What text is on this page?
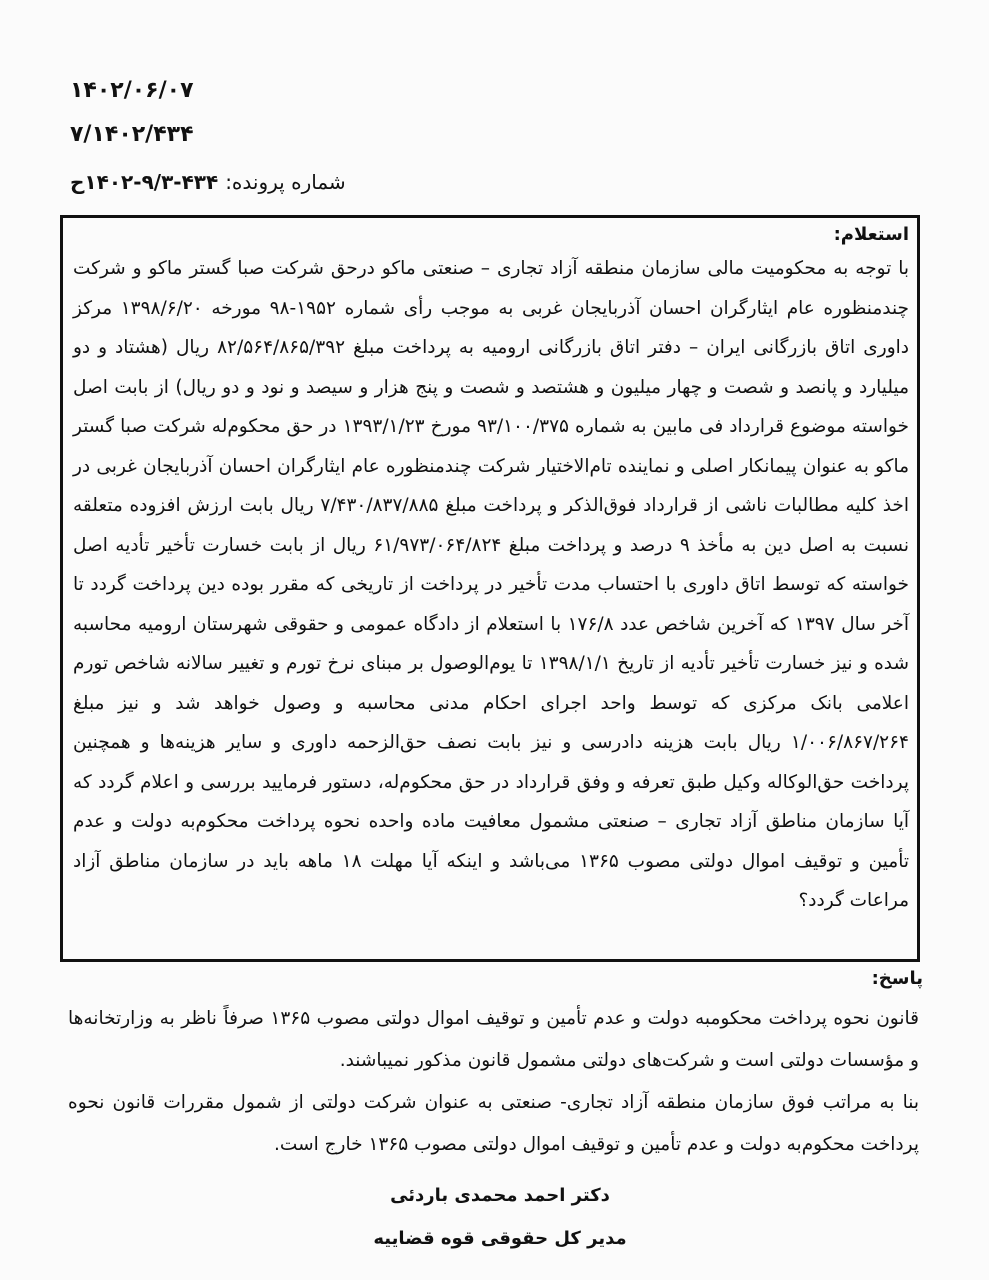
۱۴۰۲/۰۶/۰۷
۷/۱۴۰۲/۴۳۴
شماره پرونده: ۴۳۴-۹/۳-۱۴۰۲ح
استعلام:
با توجه به محکومیت مالی سازمان منطقه آزاد تجاری – صنعتی ماکو درحق شرکت صبا گستر ماکو و شرکت چندمنظوره عام ایثارگران احسان آذربایجان غربی به موجب رأی شماره ۱۹۵۲-۹۸ مورخه ۱۳۹۸/۶/۲۰ مرکز داوری اتاق بازرگانی ایران – دفتر اتاق بازرگانی ارومیه به پرداخت مبلغ ۸۲/۵۶۴/۸۶۵/۳۹۲ ریال (هشتاد و دو میلیارد و پانصد و شصت و چهار میلیون و هشتصد و شصت و پنج هزار و سیصد و نود و دو ریال) از بابت اصل خواسته موضوع قرارداد فی مابین به شماره ۹۳/۱۰۰/۳۷۵ مورخ ۱۳۹۳/۱/۲۳ در حق محکوم‌له شرکت صبا گستر ماکو به عنوان پیمانکار اصلی و نماینده تام‌الاختیار شرکت چندمنظوره عام ایثارگران احسان آذربایجان غربی در اخذ کلیه مطالبات ناشی از قرارداد فوق‌الذکر و پرداخت مبلغ ۷/۴۳۰/۸۳۷/۸۸۵ ریال بابت ارزش افزوده متعلقه نسبت به اصل دین به مأخذ ۹ درصد و پرداخت مبلغ ۶۱/۹۷۳/۰۶۴/۸۲۴ ریال از بابت خسارت تأخیر تأدیه اصل خواسته که توسط اتاق داوری با احتساب مدت تأخیر در پرداخت از تاریخی که مقرر بوده دین پرداخت گردد تا آخر سال ۱۳۹۷ که آخرین شاخص عدد ۱۷۶/۸ با استعلام از دادگاه عمومی و حقوقی شهرستان ارومیه محاسبه شده و نیز خسارت تأخیر تأدیه از تاریخ ۱۳۹۸/۱/۱ تا یوم‌الوصول بر مبنای نرخ تورم و تغییر سالانه شاخص تورم اعلامی بانک مرکزی که توسط واحد اجرای احکام مدنی محاسبه و وصول خواهد شد و نیز مبلغ ۱/۰۰۶/۸۶۷/۲۶۴ ریال بابت هزینه دادرسی و نیز بابت نصف حق‌الزحمه داوری و سایر هزینه‌ها و همچنین پرداخت حق‌الوکاله وکیل طبق تعرفه و وفق قرارداد در حق محکوم‌له، دستور فرمایید بررسی و اعلام گردد که آیا سازمان مناطق آزاد تجاری – صنعتی مشمول معافیت ماده واحده نحوه پرداخت محکوم‌به دولت و عدم تأمین و توقیف اموال دولتی مصوب ۱۳۶۵ می‌باشد و اینکه آیا مهلت ۱۸ ماهه باید در سازمان مناطق آزاد مراعات گردد؟
پاسخ:

قانون نحوه پرداخت محکومبه دولت و عدم تأمین و توقیف اموال دولتی مصوب ۱۳۶۵ صرفاً ناظر به وزارتخانه‌ها و مؤسسات دولتی است و شرکت‌های دولتی مشمول قانون مذکور نمیباشند.

بنا به مراتب فوق سازمان منطقه آزاد تجاری- صنعتی به عنوان شرکت دولتی از شمول مقررات قانون نحوه پرداخت محکوم‌به دولت و عدم تأمین و توقیف اموال دولتی مصوب ۱۳۶۵ خارج است.

دکتر احمد محمدی باردئی
مدیر کل حقوقی قوه قضاییه
